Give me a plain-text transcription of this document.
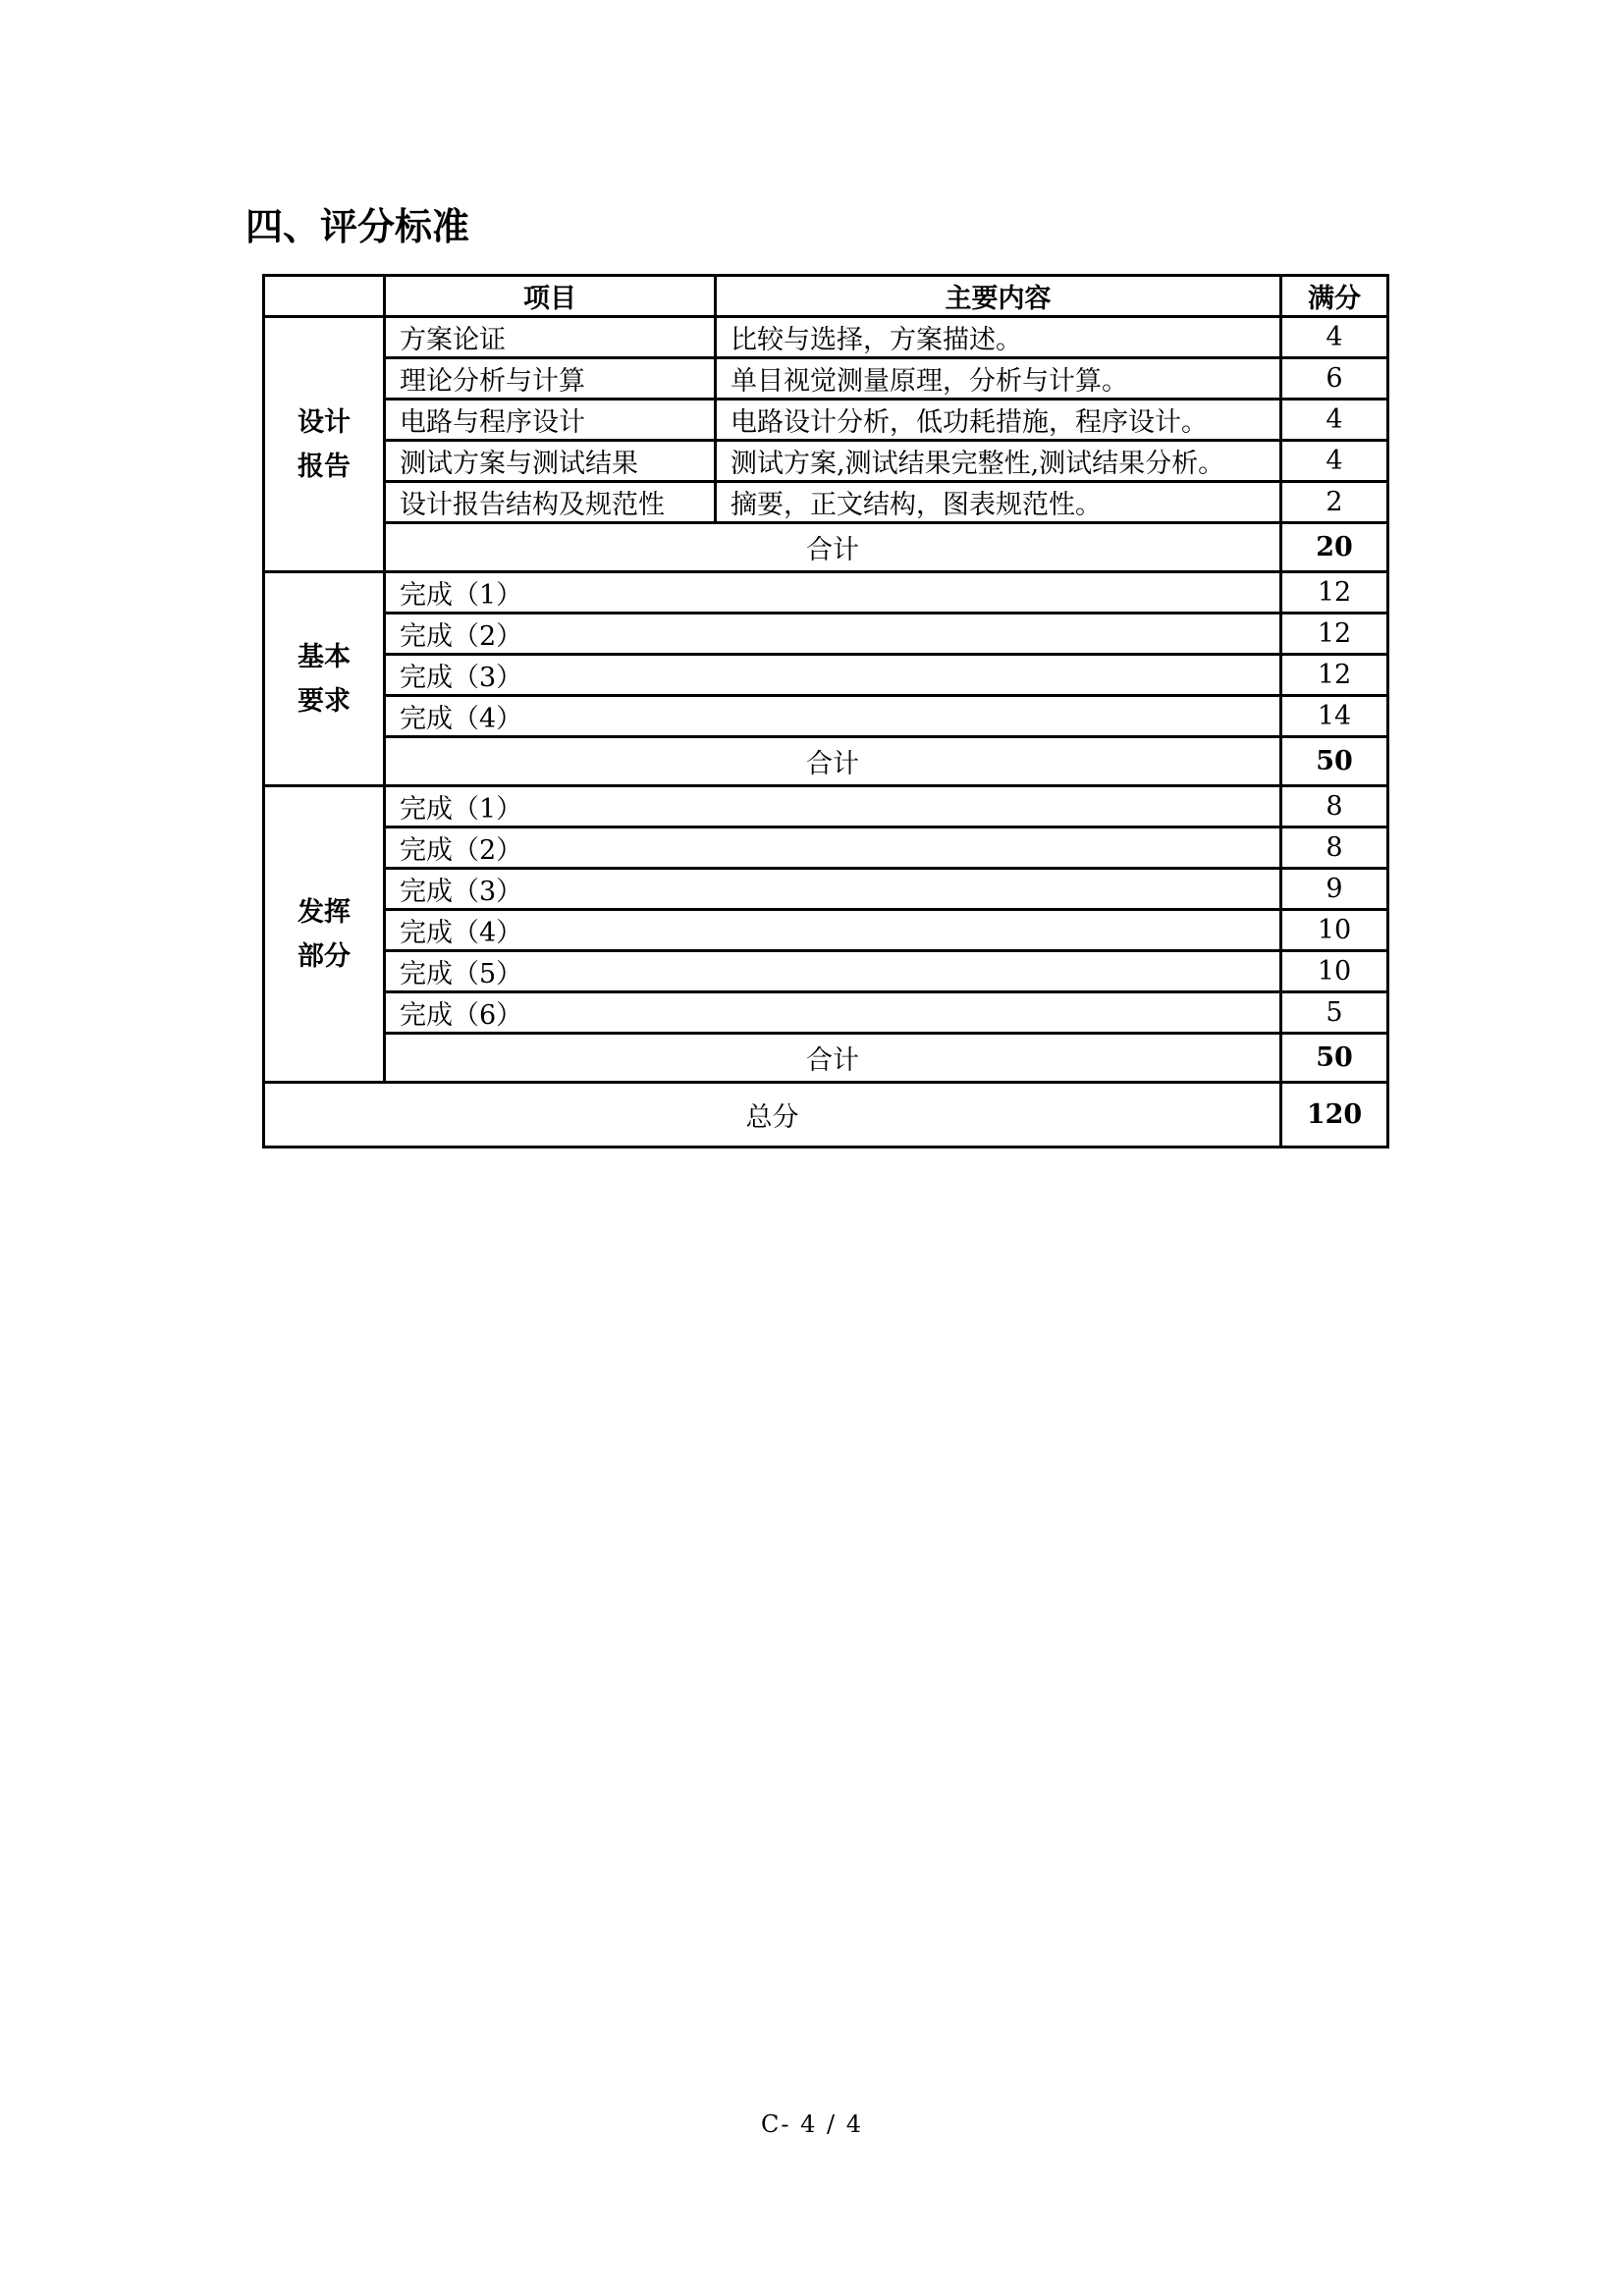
四、评分标准
	项目	主要内容	满分

设计
报告	方案论证	比较与选择，方案描述。	4
	理论分析与计算	单目视觉测量原理，分析与计算。	6
	电路与程序设计	电路设计分析，低功耗措施，程序设计。	4
	测试方案与测试结果	测试方案,测试结果完整性,测试结果分析。	4
	设计报告结构及规范性	摘要，正文结构，图表规范性。	2
	合计		20

基本
要求	完成（1）		12
	完成（2）		12
	完成（3）		12
	完成（4）		14
	合计		50

发挥
部分	完成（1）		8
	完成（2）		8
	完成（3）		9
	完成（4）		10
	完成（5）		10
	完成（6）		5
	合计		50
总分			120
C- 4 / 4
